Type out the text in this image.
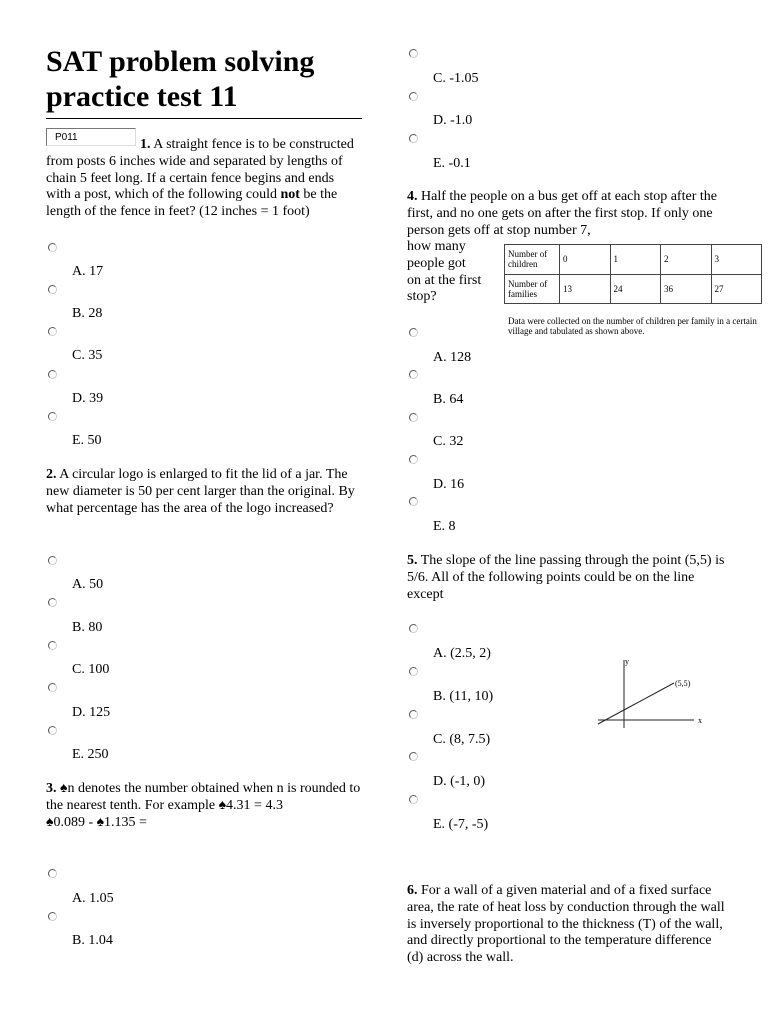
SAT problem solving practice test 11
P011	1. A straight fence is to be constructed from posts 6 inches wide and separated by lengths of chain 5 feet long. If a certain fence begins and ends with a post, which of the following could not be the length of the fence in feet? (12 inches = 1 foot)
A. 17
B. 28
C. 35
D. 39
E. 50
2. A circular logo is enlarged to fit the lid of a jar. The new diameter is 50 per cent larger than the original. By what percentage has the area of the logo increased?
A. 50
B. 80
C. 100
D. 125
E. 250
3. ♠n denotes the number obtained when n is rounded to the nearest tenth. For example ♠4.31 = 4.3
♠0.089 - ♠1.135 =
A. 1.05
B. 1.04
C. -1.05
D. -1.0
E. -0.1
4. Half the people on a bus get off at each stop after the first, and no one gets on after the first stop. If only one person gets off at stop number 7,
how many people got on at the first stop?
Number of children	0	1	2	3
Number of families	13	24	36	27
Data were collected on the number of children per family in a certain village and tabulated as shown above.
A. 128
B. 64
C. 32
D. 16
E. 8
5. The slope of the line passing through the point (5,5) is 5/6. All of the following points could be on the line except
A. (2.5, 2)
B. (11, 10)
C. (8, 7.5)
D. (-1, 0)
E. (-7, -5)
y
x
(5,5)
6. For a wall of a given material and of a fixed surface area, the rate of heat loss by conduction through the wall is inversely proportional to the thickness (T) of the wall, and directly proportional to the temperature difference (d) across the wall.
